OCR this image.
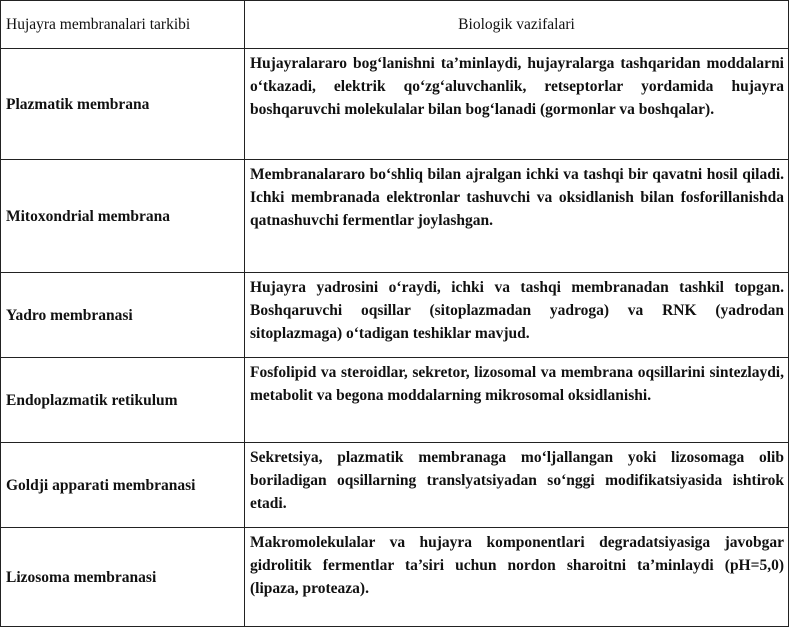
Hujayra membranalari tarkibi	Biologik vazifalari
Plazmatik membrana	Hujayralararo bog‘lanishni ta’minlaydi, hujayralarga tashqaridan moddalarni o‘tkazadi, elektrik qo‘zg‘aluvchanlik, retseptorlar yordamida hujayra boshqaruvchi molekulalar bilan bog‘lanadi (gormonlar va boshqalar).
Mitoxondrial membrana	Membranalararo bo‘shliq bilan ajralgan ichki va tashqi bir qavatni hosil qiladi. Ichki membranada elektronlar tashuvchi va oksidlanish bilan fosforillanishda qatnashuvchi fermentlar joylashgan.
Yadro membranasi	Hujayra yadrosini o‘raydi, ichki va tashqi membranadan tashkil topgan. Boshqaruvchi oqsillar (sitoplazmadan yadroga) va RNK (yadrodan sitoplazmaga) o‘tadigan teshiklar mavjud.
Endoplazmatik retikulum	Fosfolipid va steroidlar, sekretor, lizosomal va membrana oqsillarini sintezlaydi, metabolit va begona moddalarning mikrosomal oksidlanishi.
Goldji apparati membranasi	Sekretsiya, plazmatik membranaga mo‘ljallangan yoki lizosomaga olib boriladigan oqsillarning translyatsiyadan so‘nggi modifikatsiyasida ishtirok etadi.
Lizosoma membranasi	Makromolekulalar va hujayra komponentlari degradatsiyasiga javobgar gidrolitik fermentlar ta’siri uchun nordon sharoitni ta’minlaydi (pH=5,0) (lipaza, proteaza).
